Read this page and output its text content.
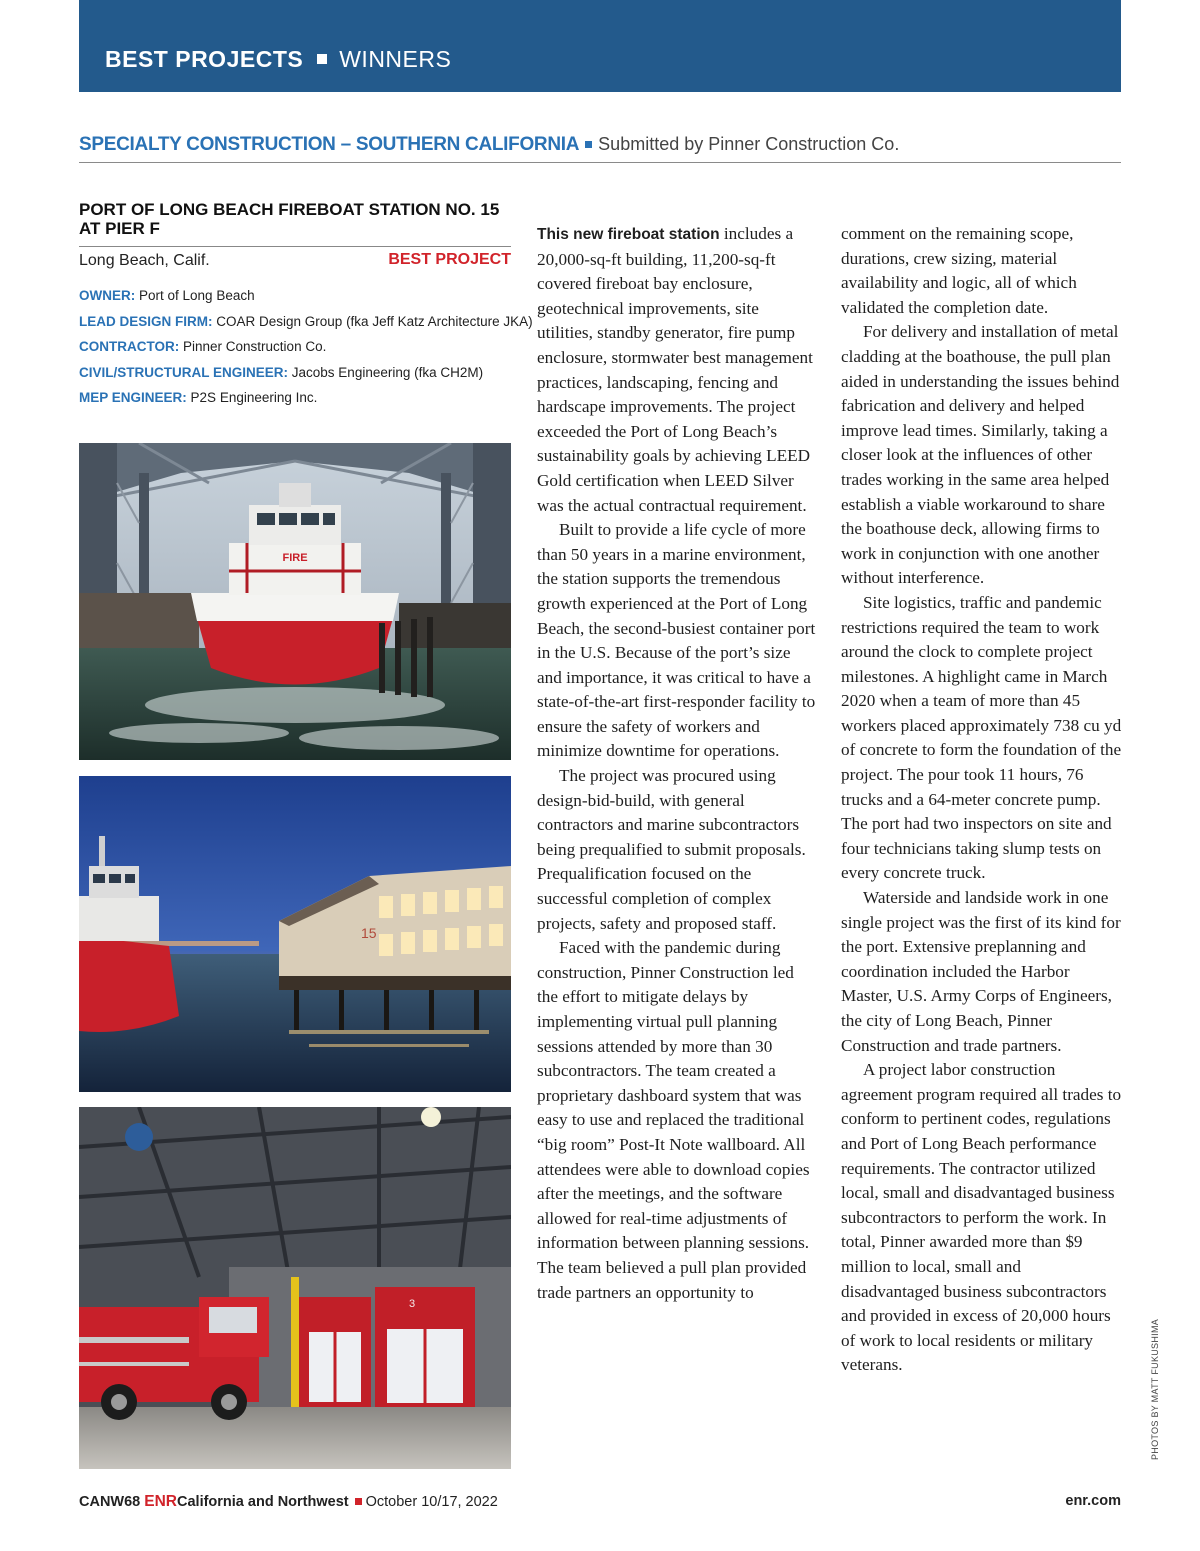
BEST PROJECTS WINNERS
SPECIALTY CONSTRUCTION – SOUTHERN CALIFORNIA Submitted by Pinner Construction Co.
PORT OF LONG BEACH FIREBOAT STATION NO. 15
AT PIER F
Long Beach, Calif.	BEST PROJECT
OWNER: Port of Long Beach
LEAD DESIGN FIRM: COAR Design Group (fka Jeff Katz Architecture JKA)
CONTRACTOR: Pinner Construction Co.
CIVIL/STRUCTURAL ENGINEER: Jacobs Engineering (fka CH2M)
MEP ENGINEER: P2S Engineering Inc.
FIRE
15
3

This new fireboat station includes a 20,000-sq-ft building, 11,200-sq-ft covered fireboat bay enclosure, geotechnical improvements, site utilities, standby generator, fire pump enclosure, stormwater best management practices, landscaping, fencing and hardscape improvements. The project exceeded the Port of Long Beach’s sustainability goals by achieving LEED Gold certification when LEED Silver was the actual contractual requirement.

Built to provide a life cycle of more than 50 years in a marine environment, the station supports the tremendous growth experienced at the Port of Long Beach, the second-busiest container port in the U.S. Because of the port’s size and importance, it was critical to have a state-of-the-art first-responder facility to ensure the safety of workers and minimize downtime for operations.

The project was procured using design-bid-build, with general contractors and marine subcontractors being prequalified to submit proposals. Prequalification focused on the successful completion of complex projects, safety and proposed staff.

Faced with the pandemic during construction, Pinner Construction led the effort to mitigate delays by implementing virtual pull planning sessions attended by more than 30 subcontractors. The team created a proprietary dashboard system that was easy to use and replaced the traditional “big room” Post-It Note wallboard. All attendees were able to download copies after the meetings, and the software allowed for real-time adjustments of information between planning sessions. The team believed a pull plan provided trade partners an opportunity to

comment on the remaining scope, durations, crew sizing, material availability and logic, all of which validated the completion date.

For delivery and installation of metal cladding at the boathouse, the pull plan aided in understanding the issues behind fabrication and delivery and helped improve lead times. Similarly, taking a closer look at the influences of other trades working in the same area helped establish a viable workaround to share the boathouse deck, allowing firms to work in conjunction with one another without interference.

Site logistics, traffic and pandemic restrictions required the team to work around the clock to complete project milestones. A highlight came in March 2020 when a team of more than 45 workers placed approximately 738 cu yd of concrete to form the foundation of the project. The pour took 11 hours, 76 trucks and a 64-meter concrete pump. The port had two inspectors on site and four technicians taking slump tests on every concrete truck.

Waterside and landside work in one single project was the first of its kind for the port. Extensive preplanning and coordination included the Harbor Master, U.S. Army Corps of Engineers, the city of Long Beach, Pinner Construction and trade partners.

A project labor construction agreement program required all trades to conform to pertinent codes, regulations and Port of Long Beach performance requirements. The contractor utilized local, small and disadvantaged business subcontractors to perform the work. In total, Pinner awarded more than $9 million to local, small and disadvantaged business subcontractors and provided in excess of 20,000 hours of work to local residents or military veterans.	PHOTOS BY MATT FUKUSHIMA
CANW68 ENRCalifornia and Northwest October 10/17, 2022	enr.com
